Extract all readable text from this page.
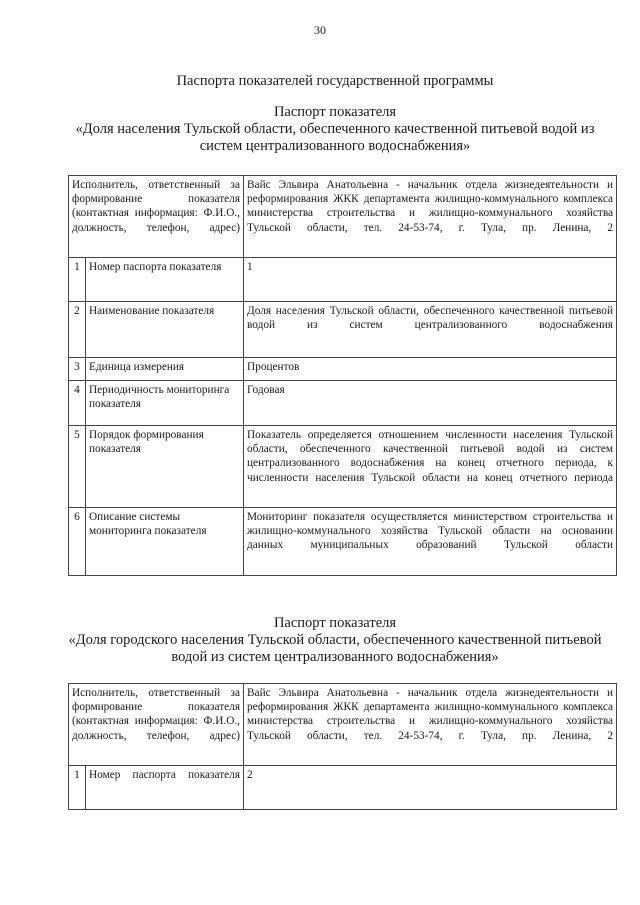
30
Паспорта показателей государственной программы
Паспорт показателя
«Доля населения Тульской области, обеспеченного качественной питьевой водой из систем централизованного водоснабжения»
Исполнитель, ответственный за формирование показателя (контактная информация: Ф.И.О., должность, телефон, адрес)		Вайс Эльвира Анатольевна - начальник отдела жизнедеятельности и реформирования ЖКК департамента жилищно-коммунального комплекса министерства строительства и жилищно-коммунального хозяйства Тульской области, тел. 24-53-74, г. Тула, пр. Ленина, 2
1	Номер паспорта показателя	1
2	Наименование показателя	Доля населения Тульской области, обеспеченного качественной питьевой водой из систем централизованного водоснабжения
3	Единица измерения	Процентов
4	Периодичность мониторинга показателя	Годовая
5	Порядок формирования показателя	Показатель определяется отношением численности населения Тульской области, обеспеченного качественной питьевой водой из систем централизованного водоснабжения на конец отчетного периода, к численности населения Тульской области на конец отчетного периода
6	Описание системы мониторинга показателя	Мониторинг показателя осуществляется министерством строительства и жилищно-коммунального хозяйства Тульской области на основании данных муниципальных образований Тульской области
Паспорт показателя
«Доля городского населения Тульской области, обеспеченного качественной питьевой водой из систем централизованного водоснабжения»
Исполнитель, ответственный за формирование показателя (контактная информация: Ф.И.О., должность, телефон, адрес)		Вайс Эльвира Анатольевна - начальник отдела жизнедеятельности и реформирования ЖКК департамента жилищно-коммунального комплекса министерства строительства и жилищно-коммунального хозяйства Тульской области, тел. 24-53-74, г. Тула, пр. Ленина, 2
1	Номер паспорта показателя	2
